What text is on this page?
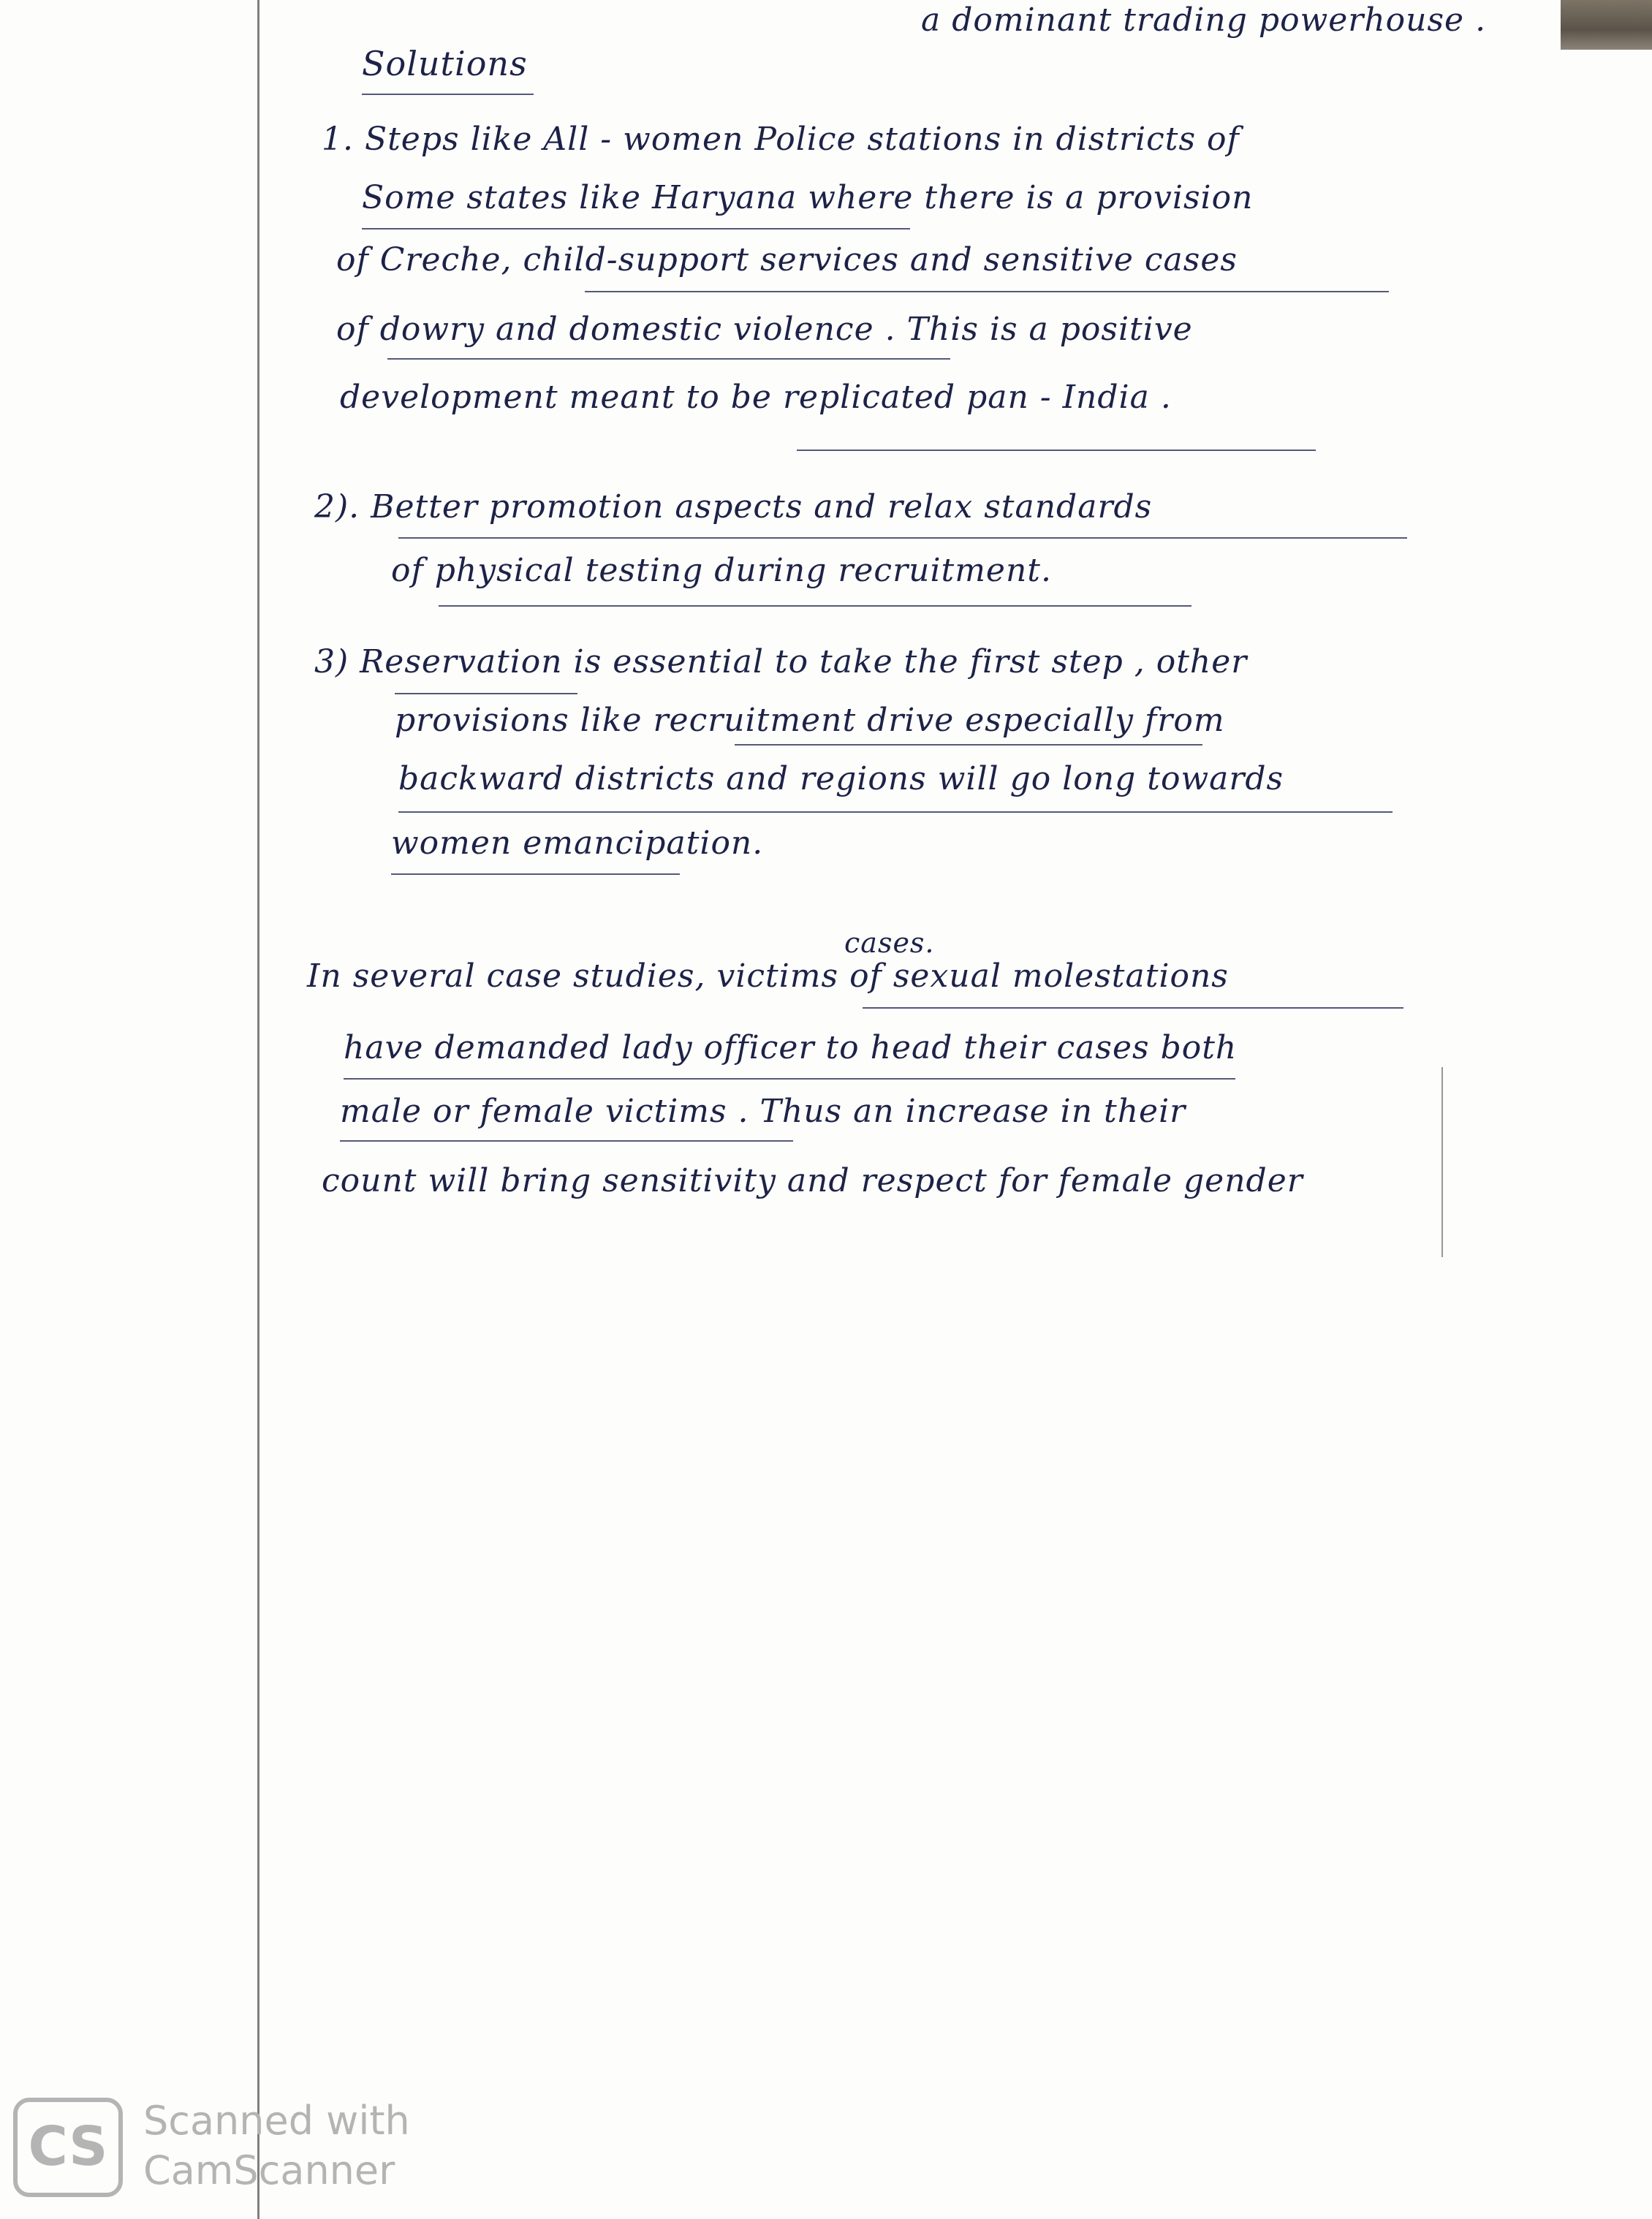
a dominant trading powerhouse .
Solutions
1. Steps like All - women Police stations in districts of
Some states like Haryana where there is a provision
of Creche, child-support services and sensitive cases
of dowry and domestic violence . This is a positive
development meant to be replicated pan - India .
2). Better promotion aspects and relax standards
of physical testing during recruitment.
3) Reservation is essential to take the first step , other
provisions like recruitment drive especially from
backward districts and regions will go long towards
women emancipation.
cases.
In several case studies, victims of sexual molestations
have demanded lady officer to head their cases both
male or female victims . Thus an increase in their
count will bring sensitivity and respect for female gender
CS Scanned with
CamScanner
